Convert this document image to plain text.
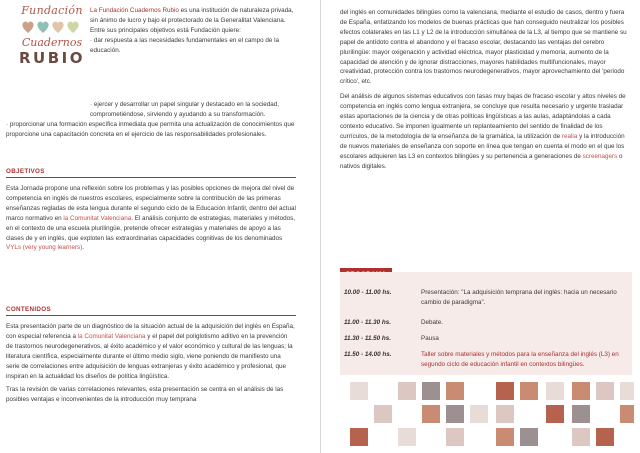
Fundación
Cuadernos
RUBIO

La Fundación Cuadernos Rubio es una institución de naturaleza privada, sin ánimo de lucro y bajo el protectorado de la Generalitat Valenciana. Entre sus principales objetivos está Fundación quiere:

· dar respuesta a las necesidades fundamentales en el campo de la educación.

· ejercer y desarrollar un papel singular y destacado en la sociedad, comprometiéndose, sirviendo y ayudando a su transformación.

· proporcionar una formación específica inmediata que permita una actualización de conocimientos que proporcione una capacitación concreta en el ejercicio de las responsabilidades profesionales.

OBJETIVOS

Esta Jornada propone una reflexión sobre los problemas y las posibles opciones de mejora del nivel de competencia en inglés de nuestros escolares, especialmente sobre la contribución de las primeras enseñanzas regladas de esta lengua durante el segundo ciclo de la Educación Infantil, dentro del actual marco normativo en la Comunitat Valenciana. El análisis conjunto de estrategias, materiales y métodos, en el contexto de una escuela plurilingüe, pretende ofrecer estrategias y materiales de apoyo a las clases de y en inglés, que exploten las extraordinarias capacidades cognitivas de los denominados VYLs (very young learners).

CONTENIDOS

Esta presentación parte de un diagnóstico de la situación actual de la adquisición del inglés en España, con especial referencia a la Comunitat Valenciana y el papel del poliglotismo aditivo en la prevención de trastornos neurodegenerativos, al éxito académico y el valor económico y cultural de las lenguas; la literatura científica, especialmente durante el último medio siglo, viene poniendo de manifiesto una serie de correlaciones entre adquisición de lenguas extranjeras y éxito académico y profesional, que inspiran en la actualidad los diseños de política lingüística.

Tras la revisión de varias correlaciones relevantes, esta presentación se centra en el análisis de las posibles ventajas e inconvenientes de la introducción muy temprana

del inglés en comunidades bilingües como la valenciana, mediante el estudio de casos, dentro y fuera de España, enfatizando los modelos de buenas prácticas que han conseguido neutralizar los posibles efectos colaterales en las L1 y L2 de la introducción simultánea de la L3, al tiempo que se mantiene su papel de antídoto contra el abandono y el fracaso escolar, destacando las ventajas del cerebro plurilingüe: mayor oxigenación y actividad eléctrica, mayor plasticidad y memoria, aumento de la capacidad de atención y de ignorar distracciones, mayores habilidades multifuncionales, mayor creatividad, protección contra los trastornos neurodegenerativos, mayor aprovechamiento del 'periodo crítico', etc.

Del análisis de algunos sistemas educativos con tasas muy bajas de fracaso escolar y altos niveles de competencia en inglés como lengua extranjera, se concluye que resulta necesario y urgente trasladar estas aportaciones de la ciencia y de otras políticas lingüísticas a las aulas, adaptándolas a cada contexto educativo. Se imponen igualmente un replanteamiento del sentido de finalidad de los currículos, de la metodología de la enseñanza de la gramática, la utilización de realia y la introducción de nuevos materiales de enseñanza con soporte en línea que tengan en cuenta el modo en el que los escolares adquieren las L3 en contextos bilingües y su pertenencia a generaciones de screenagers o nativos digitales.

10.00 - 11.00 hs.	Presentación: "La adquisición temprana del inglés: hacia un necesario cambio de paradigma".
11.00 - 11.30 hs.	Debate.
11.30 - 11.50 hs.	Pausa
11.50 - 14.00 hs.	Taller sobre materiales y métodos para la enseñanza del inglés (L3) en segundo ciclo de educación infantil en contextos bilingües.
